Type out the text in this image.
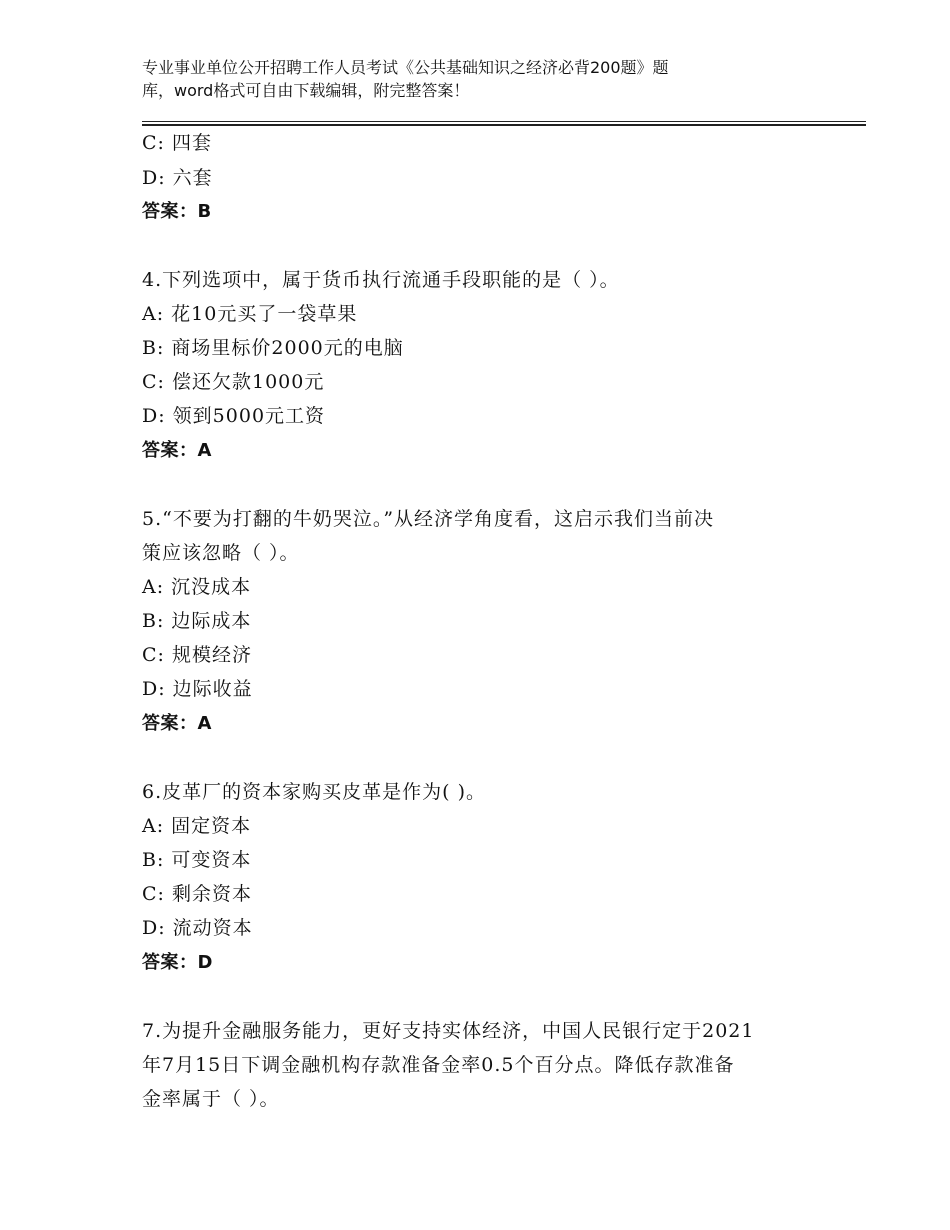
专业事业单位公开招聘工作人员考试《公共基础知识之经济必背200题》题
库，word格式可自由下载编辑，附完整答案！
C: 四套
D: 六套
答案：B
4.下列选项中，属于货币执行流通手段职能的是（ ）。
A: 花10元买了一袋草果
B: 商场里标价2000元的电脑
C: 偿还欠款1000元
D: 领到5000元工资
答案：A
5.“不要为打翻的牛奶哭泣。”从经济学角度看，这启示我们当前决
策应该忽略（ ）。
A: 沉没成本
B: 边际成本
C: 规模经济
D: 边际收益
答案：A
6.皮革厂的资本家购买皮革是作为( )。
A: 固定资本
B: 可变资本
C: 剩余资本
D: 流动资本
答案：D
7.为提升金融服务能力，更好支持实体经济，中国人民银行定于2021
年7月15日下调金融机构存款准备金率0.5个百分点。降低存款准备
金率属于（ ）。
